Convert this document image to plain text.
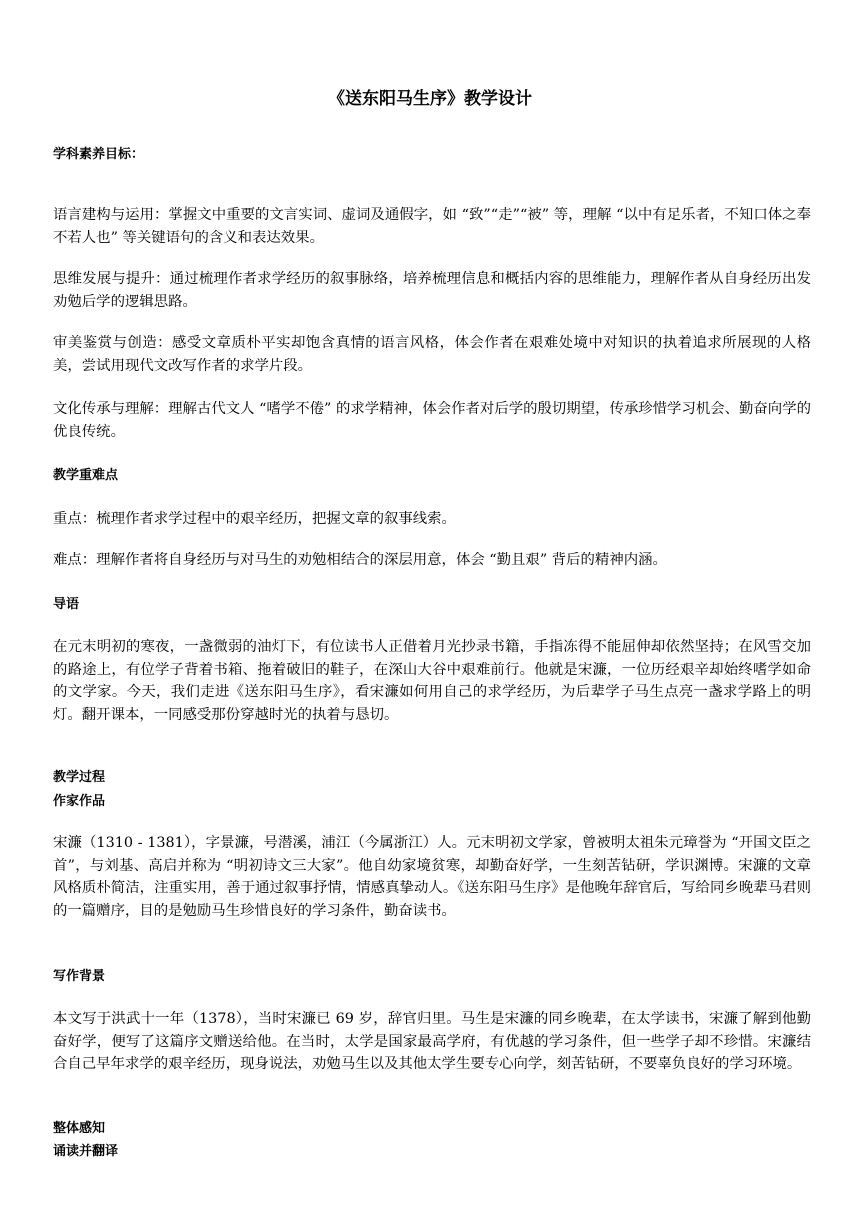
《送东阳马生序》教学设计
学科素养目标：
语言建构与运用：掌握文中重要的文言实词、虚词及通假字，如 “致”“走”“被” 等，理解 “以中有足乐者，不知口体之奉不若人也” 等关键语句的含义和表达效果。
思维发展与提升：通过梳理作者求学经历的叙事脉络，培养梳理信息和概括内容的思维能力，理解作者从自身经历出发劝勉后学的逻辑思路。
审美鉴赏与创造：感受文章质朴平实却饱含真情的语言风格，体会作者在艰难处境中对知识的执着追求所展现的人格美，尝试用现代文改写作者的求学片段。
文化传承与理解：理解古代文人 “嗜学不倦” 的求学精神，体会作者对后学的殷切期望，传承珍惜学习机会、勤奋向学的优良传统。
教学重难点
重点：梳理作者求学过程中的艰辛经历，把握文章的叙事线索。
难点：理解作者将自身经历与对马生的劝勉相结合的深层用意，体会 “勤且艰” 背后的精神内涵。
导语
在元末明初的寒夜，一盏微弱的油灯下，有位读书人正借着月光抄录书籍，手指冻得不能屈伸却依然坚持；在风雪交加的路途上，有位学子背着书箱、拖着破旧的鞋子，在深山大谷中艰难前行。他就是宋濂，一位历经艰辛却始终嗜学如命的文学家。今天，我们走进《送东阳马生序》，看宋濂如何用自己的求学经历，为后辈学子马生点亮一盏求学路上的明灯。翻开课本，一同感受那份穿越时光的执着与恳切。
教学过程
作家作品
宋濂（1310 - 1381），字景濂，号潜溪，浦江（今属浙江）人。元末明初文学家，曾被明太祖朱元璋誉为 “开国文臣之首”，与刘基、高启并称为 “明初诗文三大家”。他自幼家境贫寒，却勤奋好学，一生刻苦钻研，学识渊博。宋濂的文章风格质朴简洁，注重实用，善于通过叙事抒情，情感真挚动人。《送东阳马生序》是他晚年辞官后，写给同乡晚辈马君则的一篇赠序，目的是勉励马生珍惜良好的学习条件，勤奋读书。
写作背景
本文写于洪武十一年（1378），当时宋濂已 69 岁，辞官归里。马生是宋濂的同乡晚辈，在太学读书，宋濂了解到他勤奋好学，便写了这篇序文赠送给他。在当时，太学是国家最高学府，有优越的学习条件，但一些学子却不珍惜。宋濂结合自己早年求学的艰辛经历，现身说法，劝勉马生以及其他太学生要专心向学，刻苦钻研，不要辜负良好的学习环境。
整体感知
诵读并翻译
